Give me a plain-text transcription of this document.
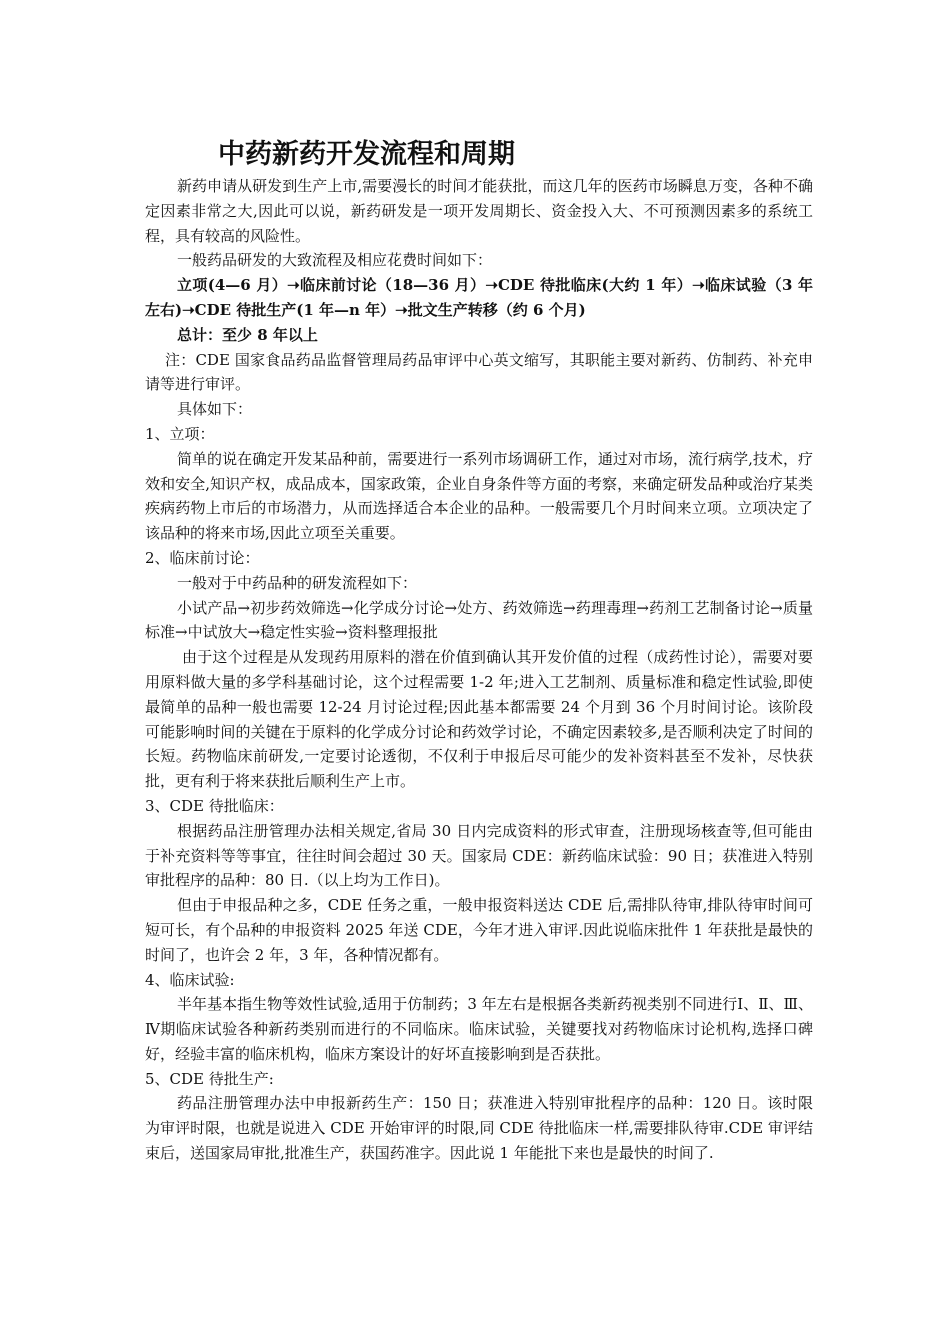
中药新药开发流程和周期

新药申请从研发到生产上市,需要漫长的时间才能获批，而这几年的医药市场瞬息万变，各种不确定因素非常之大,因此可以说，新药研发是一项开发周期长、资金投入大、不可预测因素多的系统工程，具有较高的风险性。

一般药品研发的大致流程及相应花费时间如下：

立项(4—6 月）➝临床前讨论（18—36 月）➝CDE 待批临床(大约 1 年）➝临床试验（3 年左右)➝CDE 待批生产(1 年—n 年）➝批文生产转移（约 6 个月)

总计：至少 8 年以上

注：CDE 国家食品药品监督管理局药品审评中心英文缩写，其职能主要对新药、仿制药、补充申请等进行审评。

具体如下：

1、立项：

简单的说在确定开发某品种前，需要进行一系列市场调研工作，通过对市场，流行病学,技术，疗效和安全,知识产权，成品成本，国家政策，企业自身条件等方面的考察，来确定研发品种或治疗某类疾病药物上市后的市场潜力，从而选择适合本企业的品种。一般需要几个月时间来立项。立项决定了该品种的将来市场,因此立项至关重要。

2、临床前讨论：

一般对于中药品种的研发流程如下：

小试产品→初步药效筛选→化学成分讨论→处方、药效筛选→药理毒理→药剂工艺制备讨论→质量标准→中试放大→稳定性实验→资料整理报批

由于这个过程是从发现药用原料的潜在价值到确认其开发价值的过程（成药性讨论），需要对要用原料做大量的多学科基础讨论，这个过程需要 1-2 年;进入工艺制剂、质量标准和稳定性试验,即使最简单的品种一般也需要 12-24 月讨论过程;因此基本都需要 24 个月到 36 个月时间讨论。该阶段可能影响时间的关键在于原料的化学成分讨论和药效学讨论，不确定因素较多,是否顺利决定了时间的长短。药物临床前研发,一定要讨论透彻，不仅利于申报后尽可能少的发补资料甚至不发补，尽快获批，更有利于将来获批后顺利生产上市。

3、CDE 待批临床：

根据药品注册管理办法相关规定,省局 30 日内完成资料的形式审查，注册现场核查等,但可能由于补充资料等等事宜，往往时间会超过 30 天。国家局 CDE：新药临床试验：90 日；获准进入特别审批程序的品种：80 日.（以上均为工作日)。

但由于申报品种之多，CDE 任务之重，一般申报资料送达 CDE 后,需排队待审,排队待审时间可短可长，有个品种的申报资料 2025 年送 CDE，今年才进入审评.因此说临床批件 1 年获批是最快的时间了，也许会 2 年，3 年，各种情况都有。

4、临床试验:

半年基本指生物等效性试验,适用于仿制药；3 年左右是根据各类新药视类别不同进行Ⅰ、Ⅱ、Ⅲ、Ⅳ期临床试验各种新药类别而进行的不同临床。临床试验，关键要找对药物临床讨论机构,选择口碑好，经验丰富的临床机构，临床方案设计的好坏直接影响到是否获批。

5、CDE 待批生产:

药品注册管理办法中申报新药生产：150 日；获准进入特别审批程序的品种：120 日。该时限为审评时限，也就是说进入 CDE 开始审评的时限,同 CDE 待批临床一样,需要排队待审.CDE 审评结束后，送国家局审批,批准生产，获国药准字。因此说 1 年能批下来也是最快的时间了.
